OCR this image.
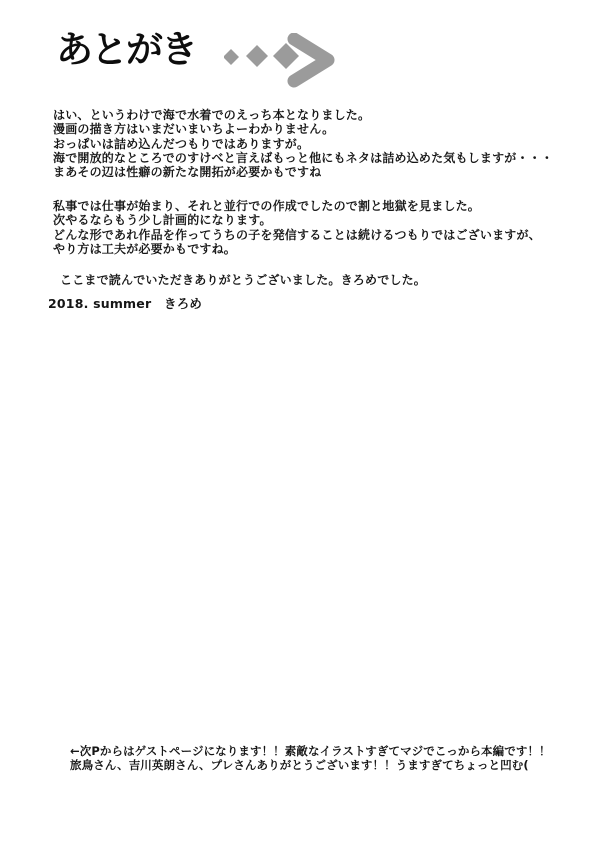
あとがき
はい、というわけで海で水着でのえっち本となりました。
漫画の描き方はいまだいまいちよーわかりません。
おっぱいは詰め込んだつもりではありますが。
海で開放的なところでのすけべと言えばもっと他にもネタは詰め込めた気もしますが・・・
まあその辺は性癖の新たな開拓が必要かもですね
私事では仕事が始まり、それと並行での作成でしたので割と地獄を見ました。
次やるならもう少し計画的になります。
どんな形であれ作品を作ってうちの子を発信することは続けるつもりではございますが、
やり方は工夫が必要かもですね。
ここまで読んでいただきありがとうございました。きろめでした。
2018. summer　きろめ
←次Pからはゲストページになります！！素敵なイラストすぎてマジでこっから本編です！！
旅鳥さん、吉川英朗さん、プレさんありがとうございます！！うますぎてちょっと凹む(
